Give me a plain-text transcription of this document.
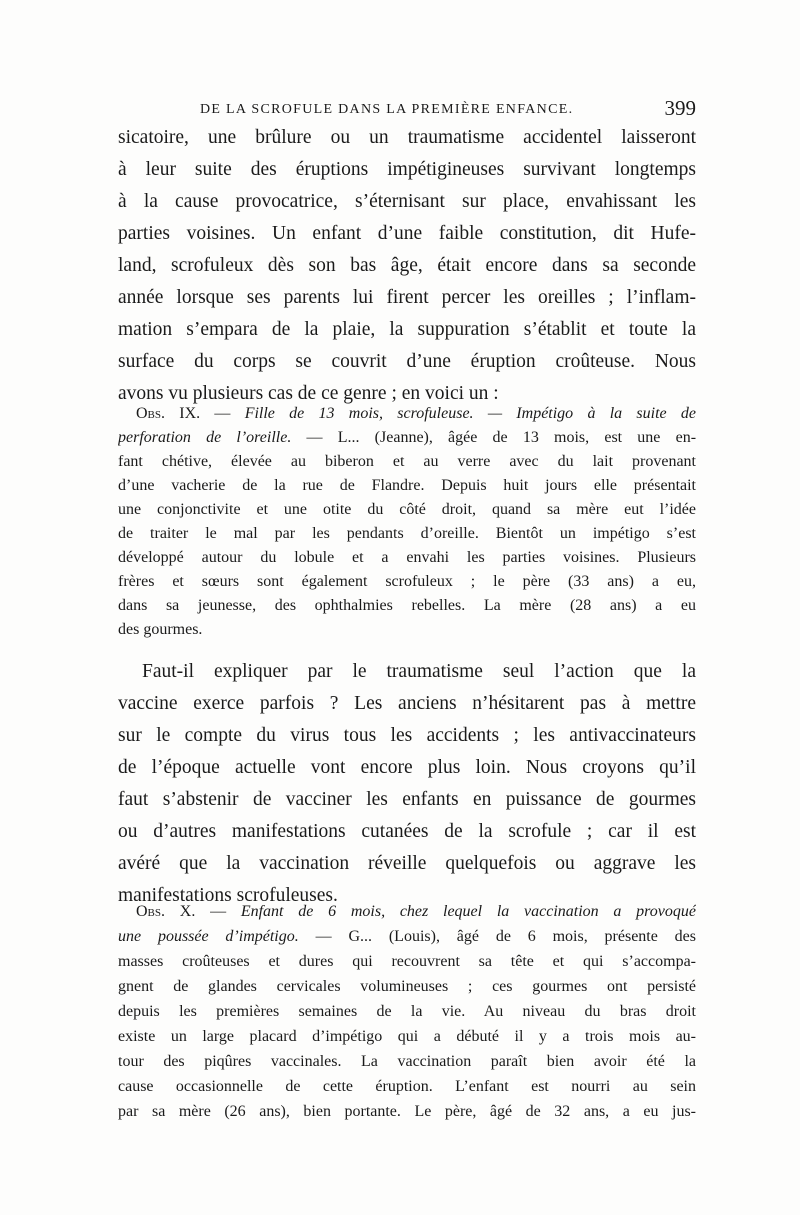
DE LA SCROFULE DANS LA PREMIÈRE ENFANCE.	399
sicatoire, une brûlure ou un traumatisme accidentel laisseront
à leur suite des éruptions impétigineuses survivant longtemps
à la cause provocatrice, s’éternisant sur place, envahissant les
parties voisines. Un enfant d’une faible constitution, dit Hufe-
land, scrofuleux dès son bas âge, était encore dans sa seconde
année lorsque ses parents lui firent percer les oreilles ; l’inflam-
mation s’empara de la plaie, la suppuration s’établit et toute la
surface du corps se couvrit d’une éruption croûteuse. Nous
avons vu plusieurs cas de ce genre ; en voici un :
Obs. IX. — Fille de 13 mois, scrofuleuse. — Impétigo à la suite de
perforation de l’oreille. — L... (Jeanne), âgée de 13 mois, est une en-
fant chétive, élevée au biberon et au verre avec du lait provenant
d’une vacherie de la rue de Flandre. Depuis huit jours elle présentait
une conjonctivite et une otite du côté droit, quand sa mère eut l’idée
de traiter le mal par les pendants d’oreille. Bientôt un impétigo s’est
développé autour du lobule et a envahi les parties voisines. Plusieurs
frères et sœurs sont également scrofuleux ; le père (33 ans) a eu,
dans sa jeunesse, des ophthalmies rebelles. La mère (28 ans) a eu
des gourmes.
Faut-il expliquer par le traumatisme seul l’action que la
vaccine exerce parfois ? Les anciens n’hésitarent pas à mettre
sur le compte du virus tous les accidents ; les antivaccinateurs
de l’époque actuelle vont encore plus loin. Nous croyons qu’il
faut s’abstenir de vacciner les enfants en puissance de gourmes
ou d’autres manifestations cutanées de la scrofule ; car il est
avéré que la vaccination réveille quelquefois ou aggrave les
manifestations scrofuleuses.
Obs. X. — Enfant de 6 mois, chez lequel la vaccination a provoqué
une poussée d’impétigo. — G... (Louis), âgé de 6 mois, présente des
masses croûteuses et dures qui recouvrent sa tête et qui s’accompa-
gnent de glandes cervicales volumineuses ; ces gourmes ont persisté
depuis les premières semaines de la vie. Au niveau du bras droit
existe un large placard d’impétigo qui a débuté il y a trois mois au-
tour des piqûres vaccinales. La vaccination paraît bien avoir été la
cause occasionnelle de cette éruption. L’enfant est nourri au sein
par sa mère (26 ans), bien portante. Le père, âgé de 32 ans, a eu jus-
